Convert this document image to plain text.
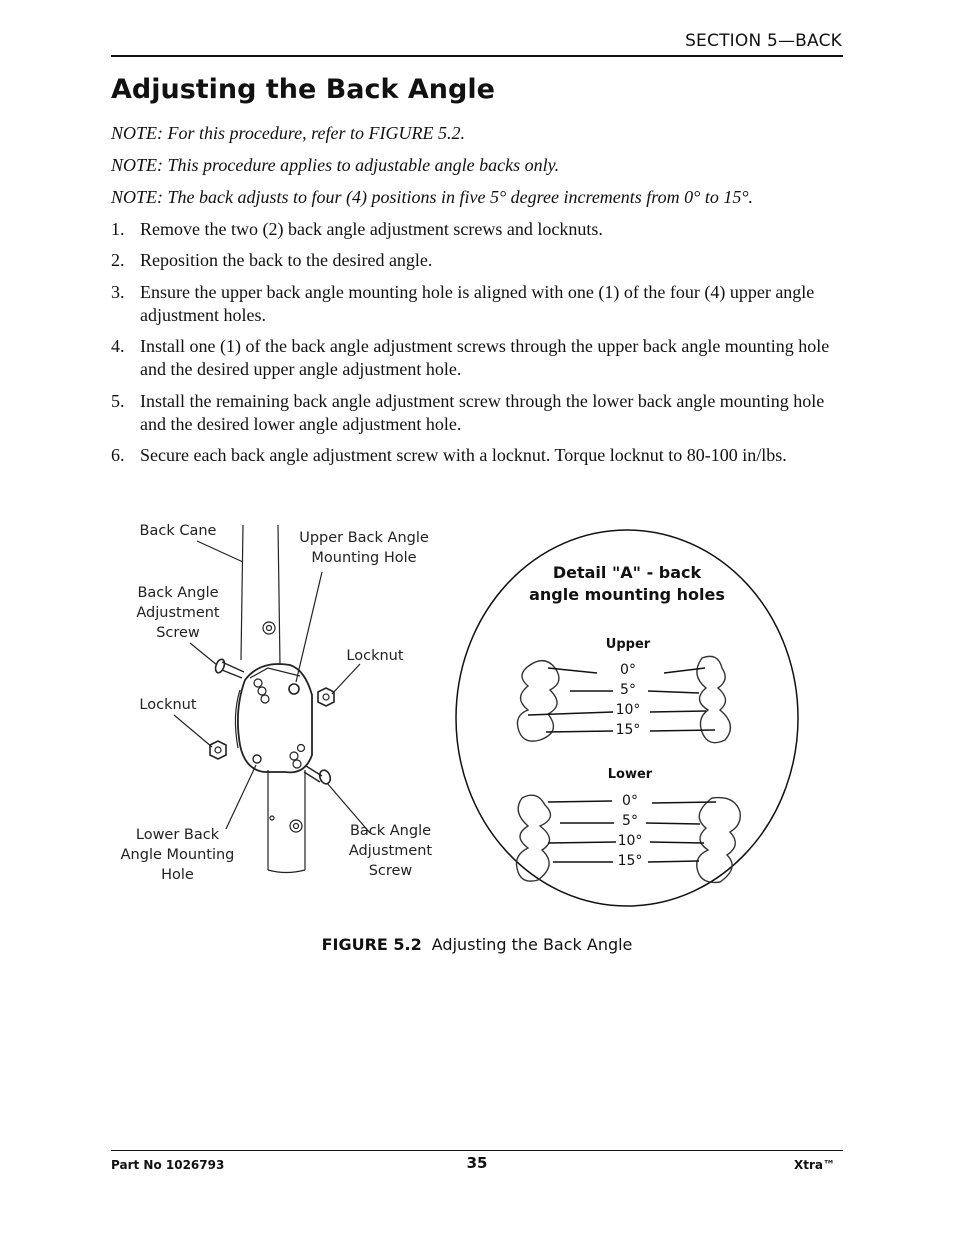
SECTION 5—BACK
Adjusting the Back Angle
NOTE: For this procedure, refer to FIGURE 5.2.
NOTE: This procedure applies to adjustable angle backs only.
NOTE: The back adjusts to four (4) positions in five 5° degree increments from 0° to 15°.
1. Remove the two (2) back angle adjustment screws and locknuts.
2. Reposition the back to the desired angle.
3. Ensure the upper back angle mounting hole is aligned with one (1) of the four (4) upper angle adjustment holes.
4. Install one (1) of the back angle adjustment screws through the upper back angle mounting hole and the desired upper angle adjustment hole.
5. Install the remaining back angle adjustment screw through the lower back angle mounting hole and the desired lower angle adjustment hole.
6. Secure each back angle adjustment screw with a locknut. Torque locknut to 80-100 in/lbs.
Back Cane
Back Angle
Adjustment
Screw
Locknut
Upper Back Angle
Mounting Hole
Locknut
Lower Back
Angle Mounting
Hole
Back Angle
Adjustment
Screw
Detail "A" - back
angle mounting holes
Upper
Lower
0°
5°
10°
15°
0°
5°
10°
15°
FIGURE 5.2 Adjusting the Back Angle
Part No 1026793	35	Xtra™
